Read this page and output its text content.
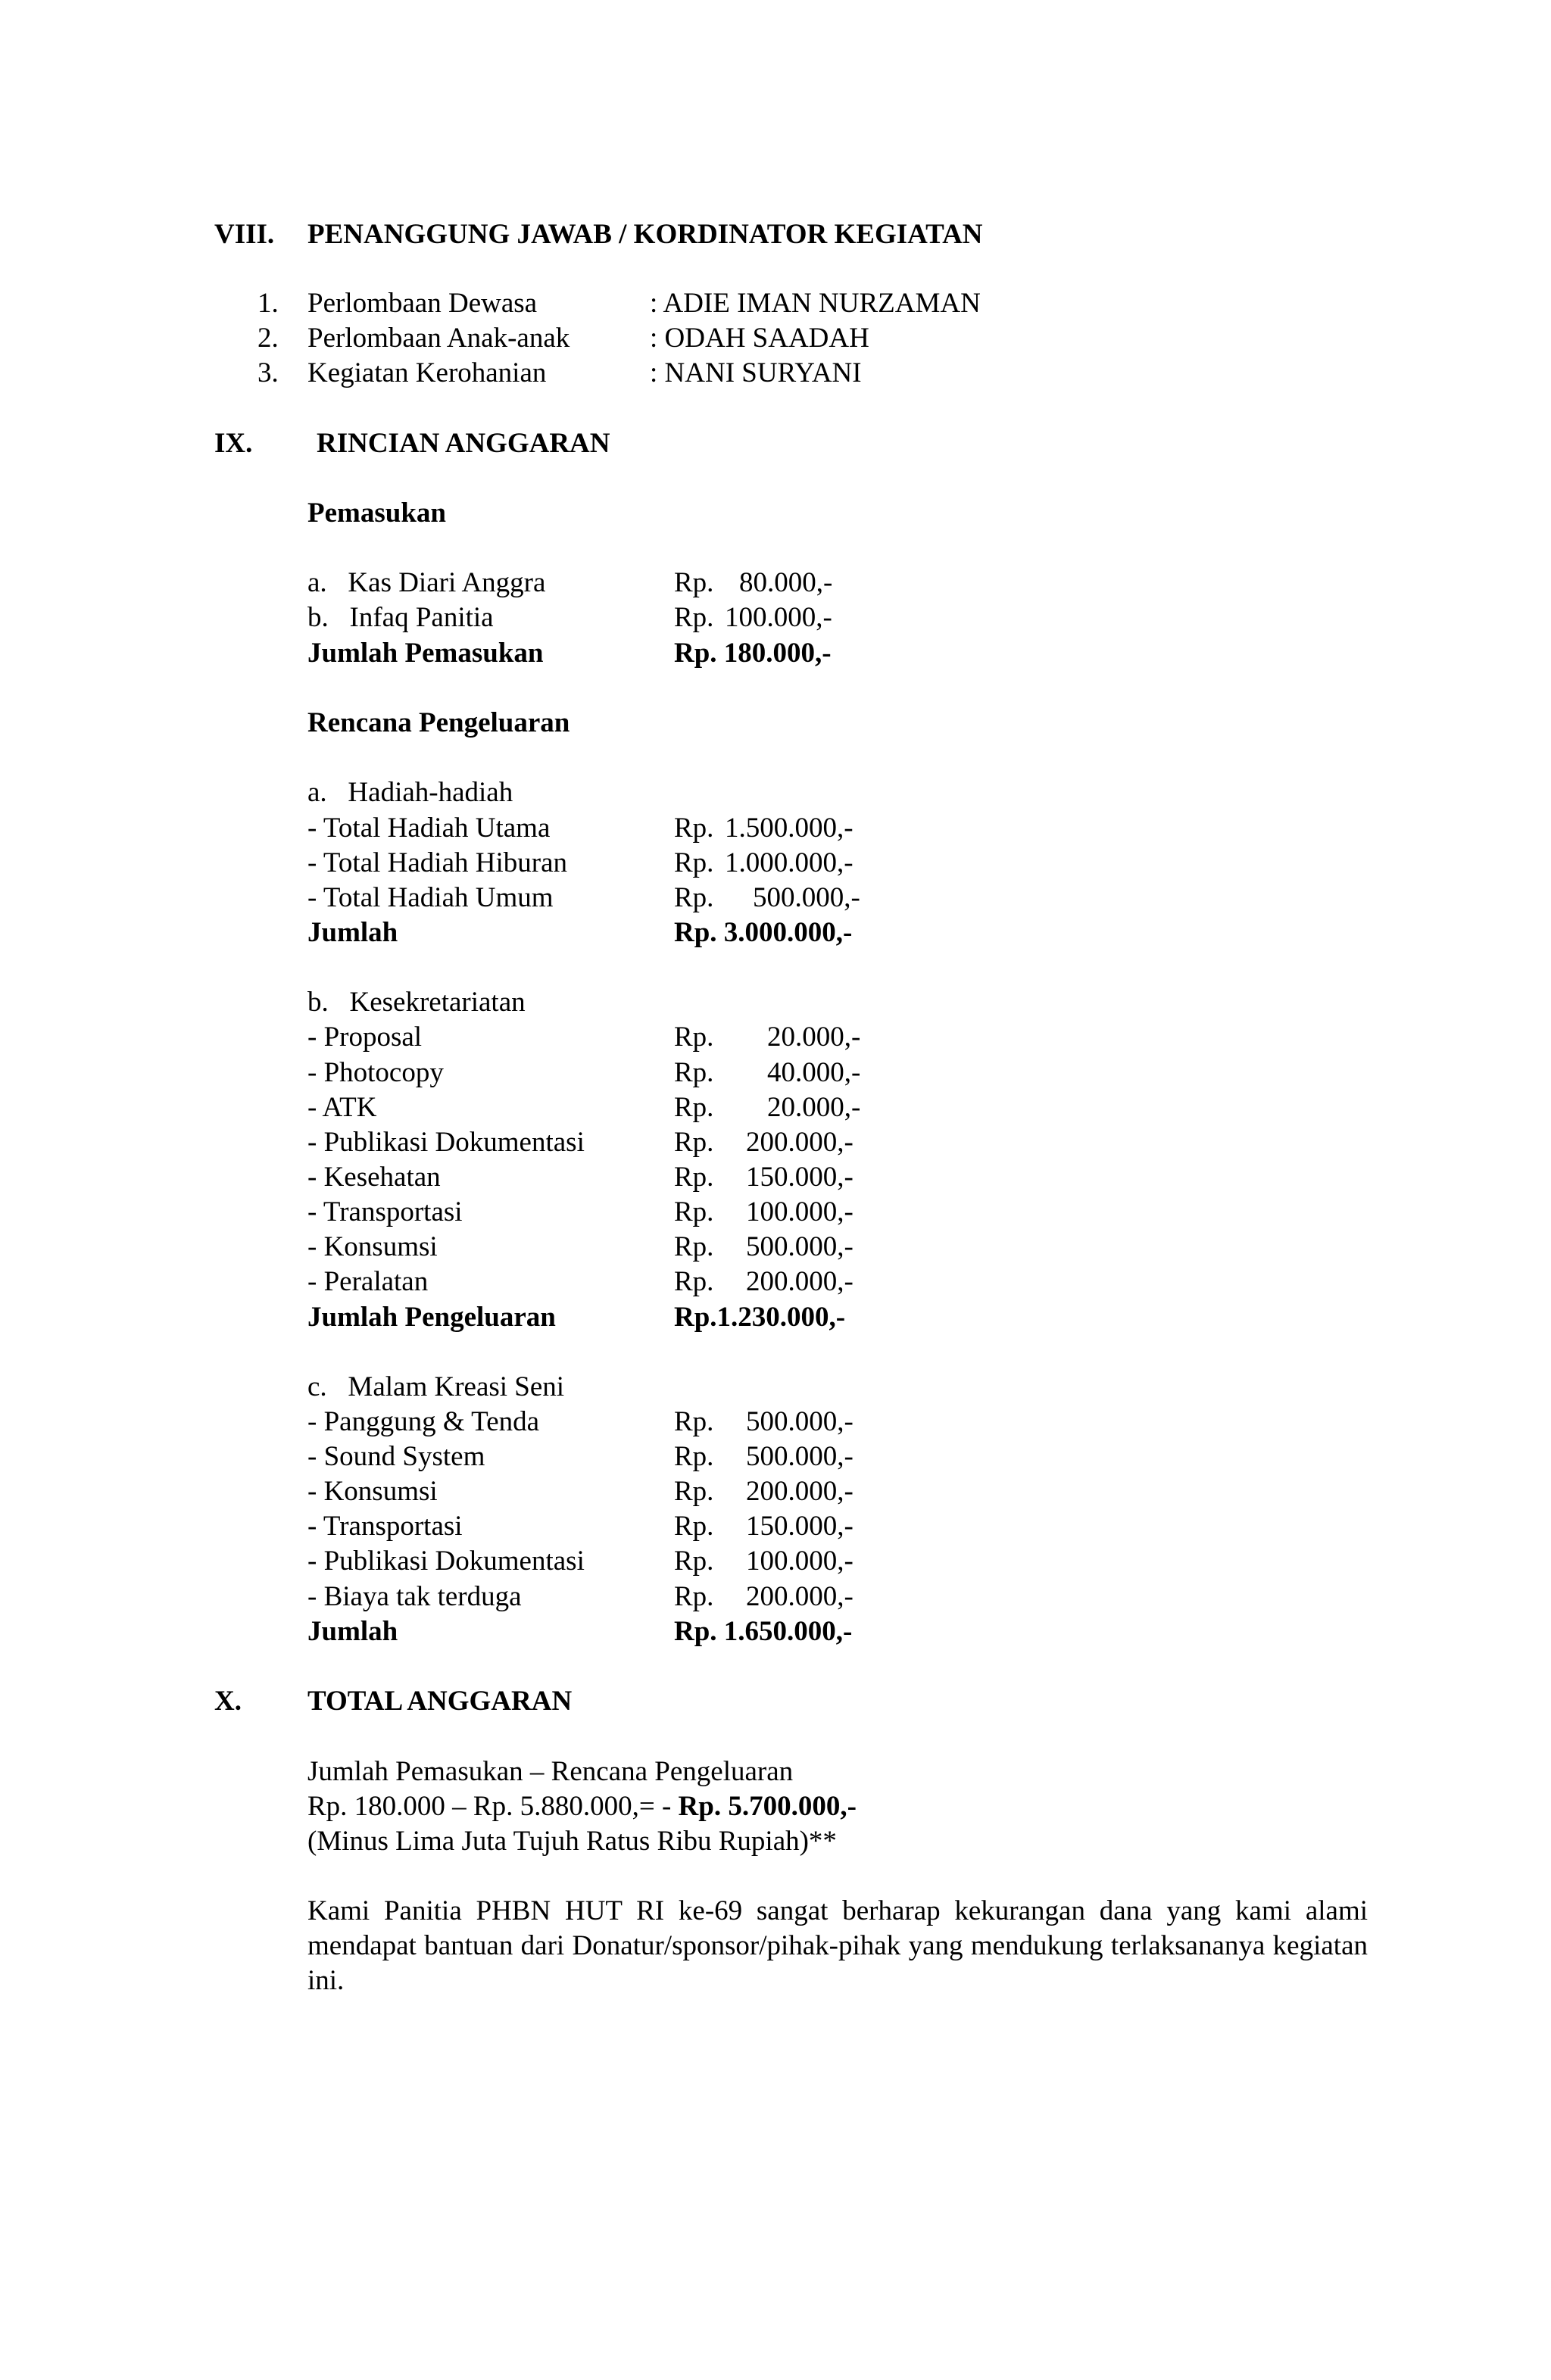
VIII. PENANGGUNG JAWAB / KORDINATOR KEGIATAN
1. Perlombaan Dewasa	: ADIE IMAN NURZAMAN
2. Perlombaan Anak-anak	: ODAH SAADAH
3. Kegiatan Kerohanian	: NANI SURYANI
IX. RINCIAN ANGGARAN
Pemasukan
a.   Kas Diari Anggra	Rp. 80.000,-
b.   Infaq Panitia	Rp. 100.000,-
Jumlah Pemasukan	Rp. 180.000,-
Rencana Pengeluaran
a.   Hadiah-hadiah
- Total Hadiah Utama	Rp. 1.500.000,-
- Total Hadiah Hiburan	Rp. 1.000.000,-
- Total Hadiah Umum	Rp. 500.000,-
Jumlah	Rp. 3.000.000,-
b.   Kesekretariatan
- Proposal	Rp. 20.000,-
- Photocopy	Rp. 40.000,-
- ATK	Rp. 20.000,-
- Publikasi Dokumentasi	Rp. 200.000,-
- Kesehatan	Rp. 150.000,-
- Transportasi	Rp. 100.000,-
- Konsumsi	Rp. 500.000,-
- Peralatan	Rp. 200.000,-
Jumlah Pengeluaran	Rp.1.230.000,-
c.   Malam Kreasi Seni
- Panggung & Tenda	Rp. 500.000,-
- Sound System	Rp. 500.000,-
- Konsumsi	Rp. 200.000,-
- Transportasi	Rp. 150.000,-
- Publikasi Dokumentasi	Rp. 100.000,-
- Biaya tak terduga	Rp. 200.000,-
Jumlah	Rp. 1.650.000,-
X. TOTAL ANGGARAN
Jumlah Pemasukan – Rencana Pengeluaran
Rp. 180.000 – Rp. 5.880.000,= - Rp. 5.700.000,-
(Minus Lima Juta Tujuh Ratus Ribu Rupiah)**
Kami Panitia PHBN HUT RI ke-69 sangat berharap kekurangan dana yang kami alami mendapat bantuan dari Donatur/sponsor/pihak-pihak yang mendukung terlaksananya kegiatan ini.
